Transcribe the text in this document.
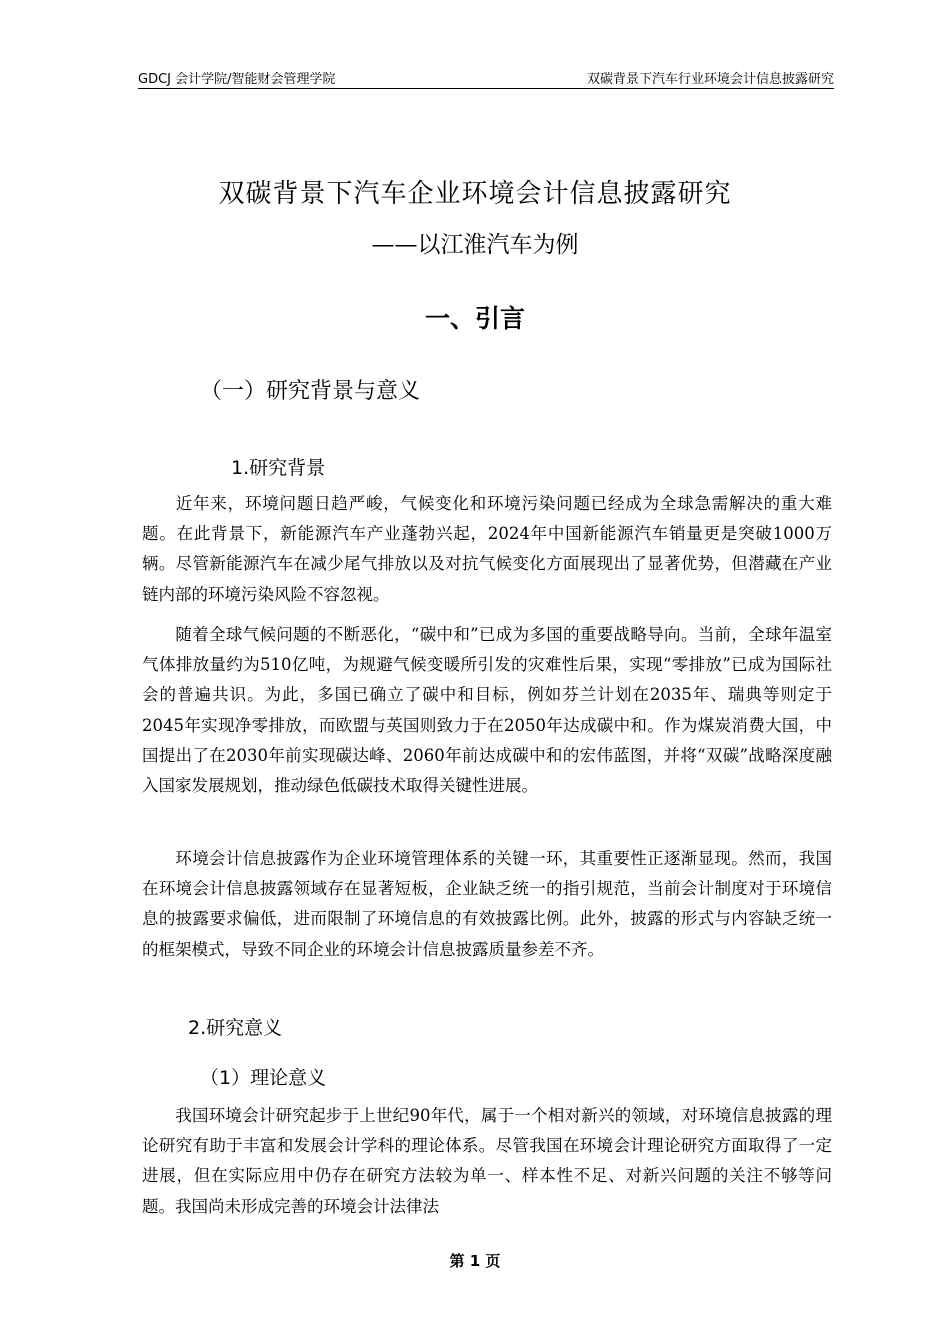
GDCJ 会计学院/智能财会管理学院	双碳背景下汽车行业环境会计信息披露研究
双碳背景下汽车企业环境会计信息披露研究
——以江淮汽车为例
一、引言
（一）研究背景与意义
1.研究背景

近年来，环境问题日趋严峻，气候变化和环境污染问题已经成为全球急需解决的重大难题。在此背景下，新能源汽车产业蓬勃兴起，2024年中国新能源汽车销量更是突破1000万辆。尽管新能源汽车在减少尾气排放以及对抗气候变化方面展现出了显著优势，但潜藏在产业链内部的环境污染风险不容忽视。

随着全球气候问题的不断恶化，“碳中和”已成为多国的重要战略导向。当前，全球年温室气体排放量约为510亿吨，为规避气候变暖所引发的灾难性后果，实现“零排放”已成为国际社会的普遍共识。为此，多国已确立了碳中和目标，例如芬兰计划在2035年、瑞典等则定于2045年实现净零排放，而欧盟与英国则致力于在2050年达成碳中和。作为煤炭消费大国，中国提出了在2030年前实现碳达峰、2060年前达成碳中和的宏伟蓝图，并将“双碳”战略深度融入国家发展规划，推动绿色低碳技术取得关键性进展。

环境会计信息披露作为企业环境管理体系的关键一环，其重要性正逐渐显现。然而，我国在环境会计信息披露领域存在显著短板，企业缺乏统一的指引规范，当前会计制度对于环境信息的披露要求偏低，进而限制了环境信息的有效披露比例。此外，披露的形式与内容缺乏统一的框架模式，导致不同企业的环境会计信息披露质量参差不齐。

2.研究意义
（1）理论意义

我国环境会计研究起步于上世纪90年代，属于一个相对新兴的领域，对环境信息披露的理论研究有助于丰富和发展会计学科的理论体系。尽管我国在环境会计理论研究方面取得了一定进展，但在实际应用中仍存在研究方法较为单一、样本性不足、对新兴问题的关注不够等问题。我国尚未形成完善的环境会计法律法

第 1 页
